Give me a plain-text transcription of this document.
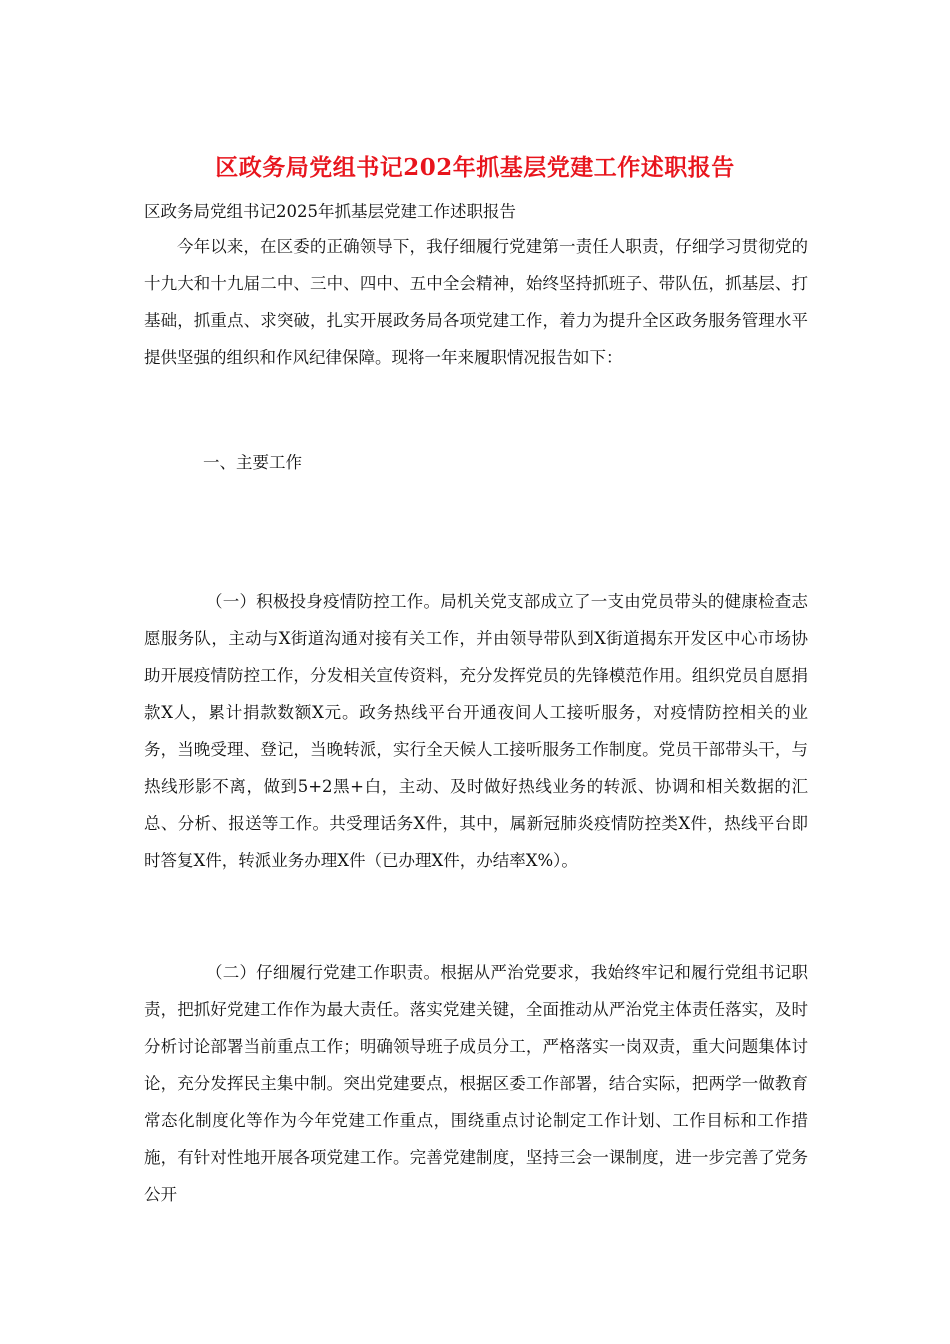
区政务局党组书记202年抓基层党建工作述职报告
区政务局党组书记2025年抓基层党建工作述职报告

今年以来，在区委的正确领导下，我仔细履行党建第一责任人职责，仔细学习贯彻党的十九大和十九届二中、三中、四中、五中全会精神，始终坚持抓班子、带队伍，抓基层、打基础，抓重点、求突破，扎实开展政务局各项党建工作，着力为提升全区政务服务管理水平提供坚强的组织和作风纪律保障。现将一年来履职情况报告如下：

一、主要工作

（一）积极投身疫情防控工作。局机关党支部成立了一支由党员带头的健康检查志愿服务队，主动与X街道沟通对接有关工作，并由领导带队到X街道揭东开发区中心市场协助开展疫情防控工作，分发相关宣传资料，充分发挥党员的先锋模范作用。组织党员自愿捐款X人，累计捐款数额X元。政务热线平台开通夜间人工接听服务，对疫情防控相关的业务，当晚受理、登记，当晚转派，实行全天候人工接听服务工作制度。党员干部带头干，与热线形影不离，做到5+2黑+白，主动、及时做好热线业务的转派、协调和相关数据的汇总、分析、报送等工作。共受理话务X件，其中，属新冠肺炎疫情防控类X件，热线平台即时答复X件，转派业务办理X件（已办理X件，办结率X%）。

（二）仔细履行党建工作职责。根据从严治党要求，我始终牢记和履行党组书记职责，把抓好党建工作作为最大责任。落实党建关键，全面推动从严治党主体责任落实，及时分析讨论部署当前重点工作；明确领导班子成员分工，严格落实一岗双责，重大问题集体讨论，充分发挥民主集中制。突出党建要点，根据区委工作部署，结合实际，把两学一做教育常态化制度化等作为今年党建工作重点，围绕重点讨论制定工作计划、工作目标和工作措施，有针对性地开展各项党建工作。完善党建制度，坚持三会一课制度，进一步完善了党务公开
